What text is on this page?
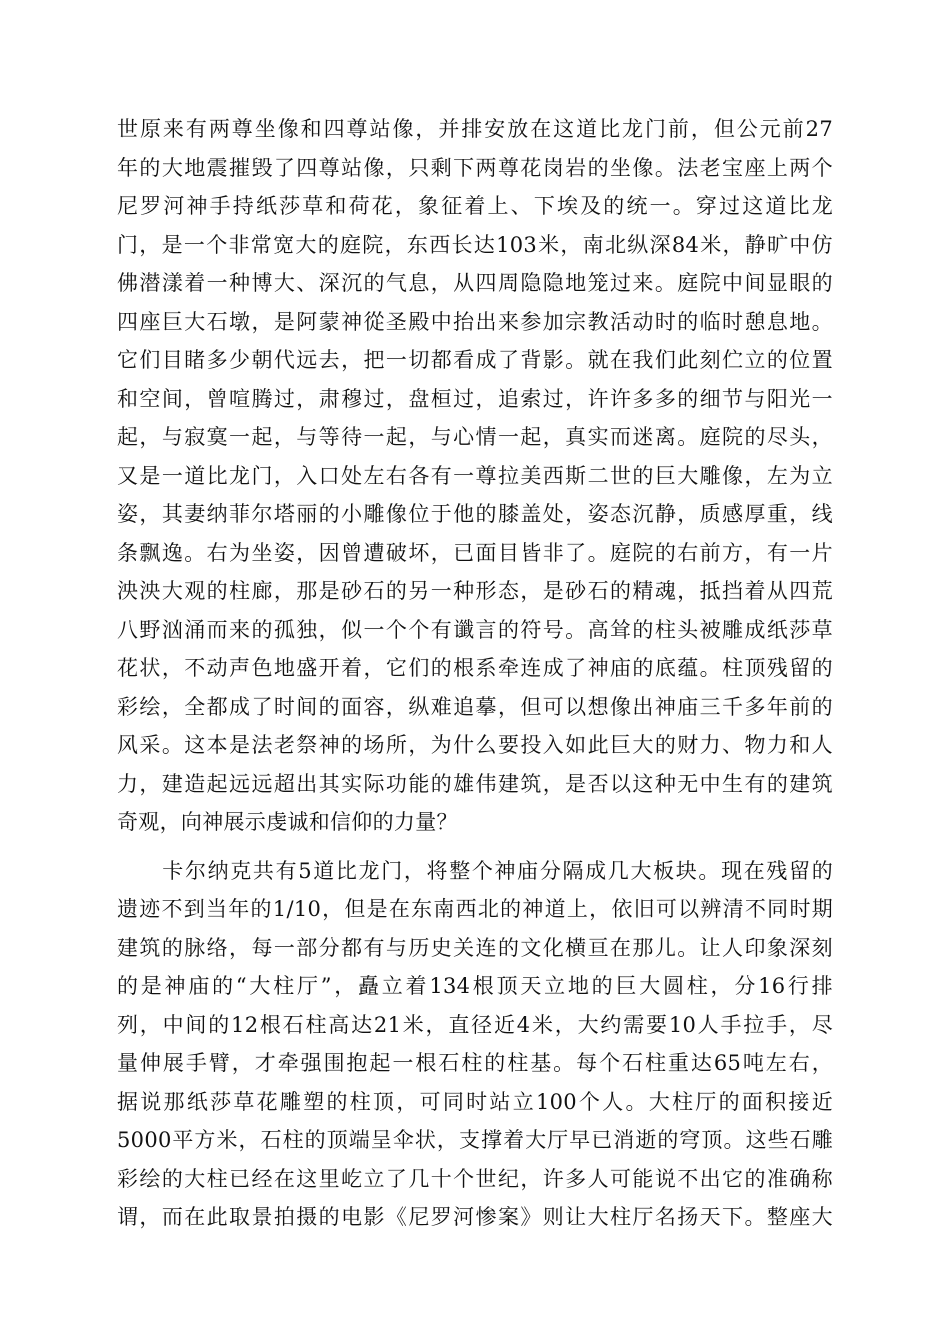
世原来有两尊坐像和四尊站像，并排安放在这道比龙门前，但公元前27
年的大地震摧毁了四尊站像，只剩下两尊花岗岩的坐像。法老宝座上两个
尼罗河神手持纸莎草和荷花，象征着上、下埃及的统一。穿过这道比龙
门，是一个非常宽大的庭院，东西长达103米，南北纵深84米，静旷中仿
佛潜漾着一种博大、深沉的气息，从四周隐隐地笼过来。庭院中间显眼的
四座巨大石墩，是阿蒙神從圣殿中抬出来参加宗教活动时的临时憩息地。
它们目睹多少朝代远去，把一切都看成了背影。就在我们此刻伫立的位置
和空间，曾喧腾过，肃穆过，盘桓过，追索过，许许多多的细节与阳光一
起，与寂寞一起，与等待一起，与心情一起，真实而迷离。庭院的尽头，
又是一道比龙门，入口处左右各有一尊拉美西斯二世的巨大雕像，左为立
姿，其妻纳菲尔塔丽的小雕像位于他的膝盖处，姿态沉静，质感厚重，线
条飘逸。右为坐姿，因曾遭破坏，已面目皆非了。庭院的右前方，有一片
泱泱大观的柱廊，那是砂石的另一种形态，是砂石的精魂，抵挡着从四荒
八野汹涌而来的孤独，似一个个有谶言的符号。高耸的柱头被雕成纸莎草
花状，不动声色地盛开着，它们的根系牵连成了神庙的底蕴。柱顶残留的
彩绘，全都成了时间的面容，纵难追摹，但可以想像出神庙三千多年前的
风采。这本是法老祭神的场所，为什么要投入如此巨大的财力、物力和人
力，建造起远远超出其实际功能的雄伟建筑，是否以这种无中生有的建筑
奇观，向神展示虔诚和信仰的力量？
　　卡尔纳克共有5道比龙门，将整个神庙分隔成几大板块。现在残留的
遗迹不到当年的1/10，但是在东南西北的神道上，依旧可以辨清不同时期
建筑的脉络，每一部分都有与历史关连的文化横亘在那儿。让人印象深刻
的是神庙的“大柱厅”，矗立着134根顶天立地的巨大圆柱，分16行排
列，中间的12根石柱高达21米，直径近4米，大约需要10人手拉手，尽
量伸展手臂，才牵强围抱起一根石柱的柱基。每个石柱重达65吨左右，
据说那纸莎草花雕塑的柱顶，可同时站立100个人。大柱厅的面积接近
5000平方米，石柱的顶端呈伞状，支撑着大厅早已消逝的穹顶。这些石雕
彩绘的大柱已经在这里屹立了几十个世纪，许多人可能说不出它的准确称
谓，而在此取景拍摄的电影《尼罗河惨案》则让大柱厅名扬天下。整座大
